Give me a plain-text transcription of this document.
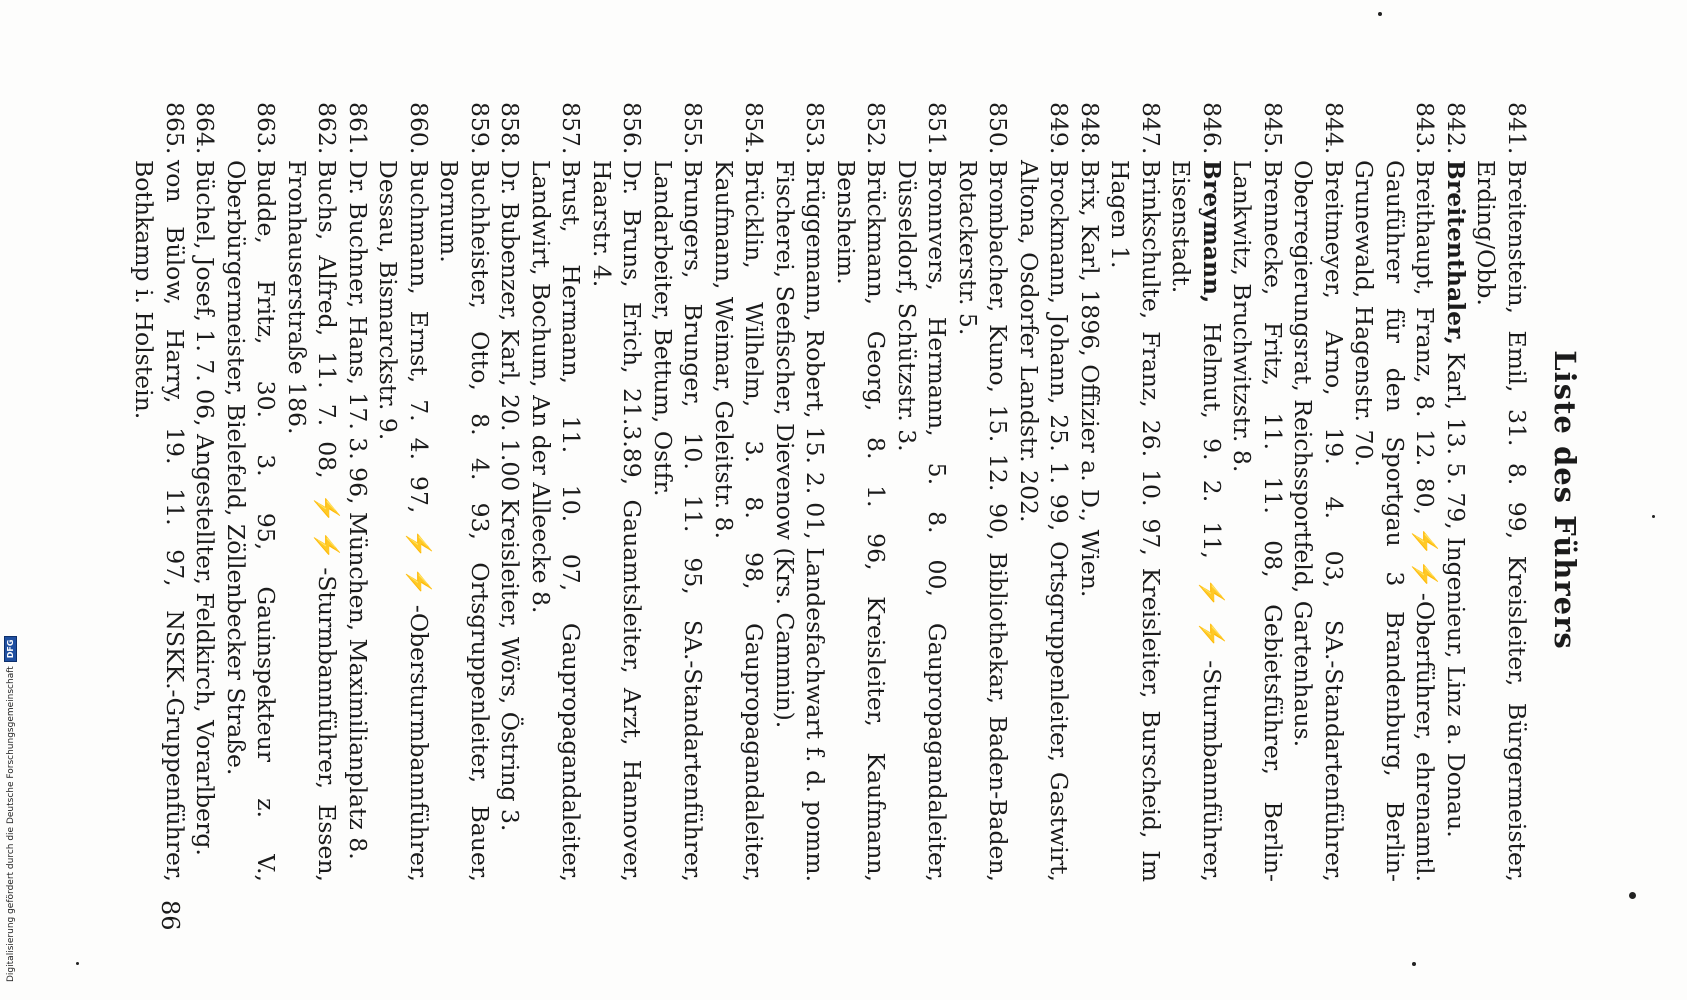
Liste des Führers
841.
Breitenstein, Emil, 31. 8. 99, Kreisleiter, Bürgermeister, Erding/Obb.
842.
Breitenthaler, Karl, 13. 5. 79, Ingenieur, Linz a. Donau.
843.
Breithaupt, Franz, 8. 12. 80, ⚡⚡-Oberführer, ehrenamtl. Gauführer für den Sportgau 3 Brandenburg, Berlin-Grunewald, Hagenstr. 70.
844.
Breitmeyer, Arno, 19. 4. 03, SA.-Standartenführer, Oberregierungsrat, Reichssportfeld, Gartenhaus.
845.
Brennecke, Fritz, 11. 11. 08, Gebietsführer, Berlin-Lankwitz, Bruchwitzstr. 8.
846.
Breymann, Helmut, 9. 2. 11, ⚡⚡-Sturmbannführer, Eisenstadt.
847.
Brinkschulte, Franz, 26. 10. 97, Kreisleiter, Burscheid, Im Hagen 1.
848.
Brix, Karl, 1896, Offizier a. D., Wien.
849.
Brockmann, Johann, 25. 1. 99, Ortsgruppenleiter, Gastwirt, Altona, Osdorfer Landstr. 202.
850.
Brombacher, Kuno, 15. 12. 90, Bibliothekar, Baden-Baden, Rotackerstr. 5.
851.
Bronnvers, Hermann, 5. 8. 00, Gaupropagandaleiter, Düsseldorf, Schützstr. 3.
852.
Brückmann, Georg, 8. 1. 96, Kreisleiter, Kaufmann, Bensheim.
853.
Brüggemann, Robert, 15. 2. 01, Landesfachwart f. d. pomm. Fischerei, Seefischer, Dievenow (Krs. Cammin).
854.
Brücklin, Wilhelm, 3. 8. 98, Gaupropagandaleiter, Kaufmann, Weimar, Geleitstr. 8.
855.
Brungers, Brunger, 10. 11. 95, SA.-Standartenführer, Landarbeiter, Bettum, Ostfr.
856.
Dr. Bruns, Erich, 21.3.89, Gauamtsleiter, Arzt, Hannover, Haarstr. 4.
857.
Brust, Hermann, 11. 10. 07, Gaupropagandaleiter, Landwirt, Bochum, An der Alleecke 8.
858.
Dr. Bubenzer, Karl, 20. 1.00 Kreisleiter, Wörs, Östring 3.
859.
Buchheister, Otto, 8. 4. 93, Ortsgruppenleiter, Bauer, Bornum.
860.
Buchmann, Ernst, 7. 4. 97, ⚡⚡-Obersturmbannführer, Dessau, Bismarckstr. 9.
861.
Dr. Buchner, Hans, 17. 3. 96, München, Maximilianplatz 8.
862.
Buchs, Alfred, 11. 7. 08, ⚡⚡-Sturmbannführer, Essen, Fronhauserstraße 186.
863.
Budde, Fritz, 30. 3. 95, Gauinspekteur z. V., Oberbürgermeister, Bielefeld, Zöllenbecker Straße.
864.
Büchel, Josef, 1. 7. 06, Angestellter, Feldkirch, Vorarlberg.
865.
von Bülow, Harry, 19. 11. 97, NSKK.-Gruppenführer, Bothkamp i. Holstein.
86
Digitalisierung gefördert durch die Deutsche ForschungsgemeinschaftDFG
